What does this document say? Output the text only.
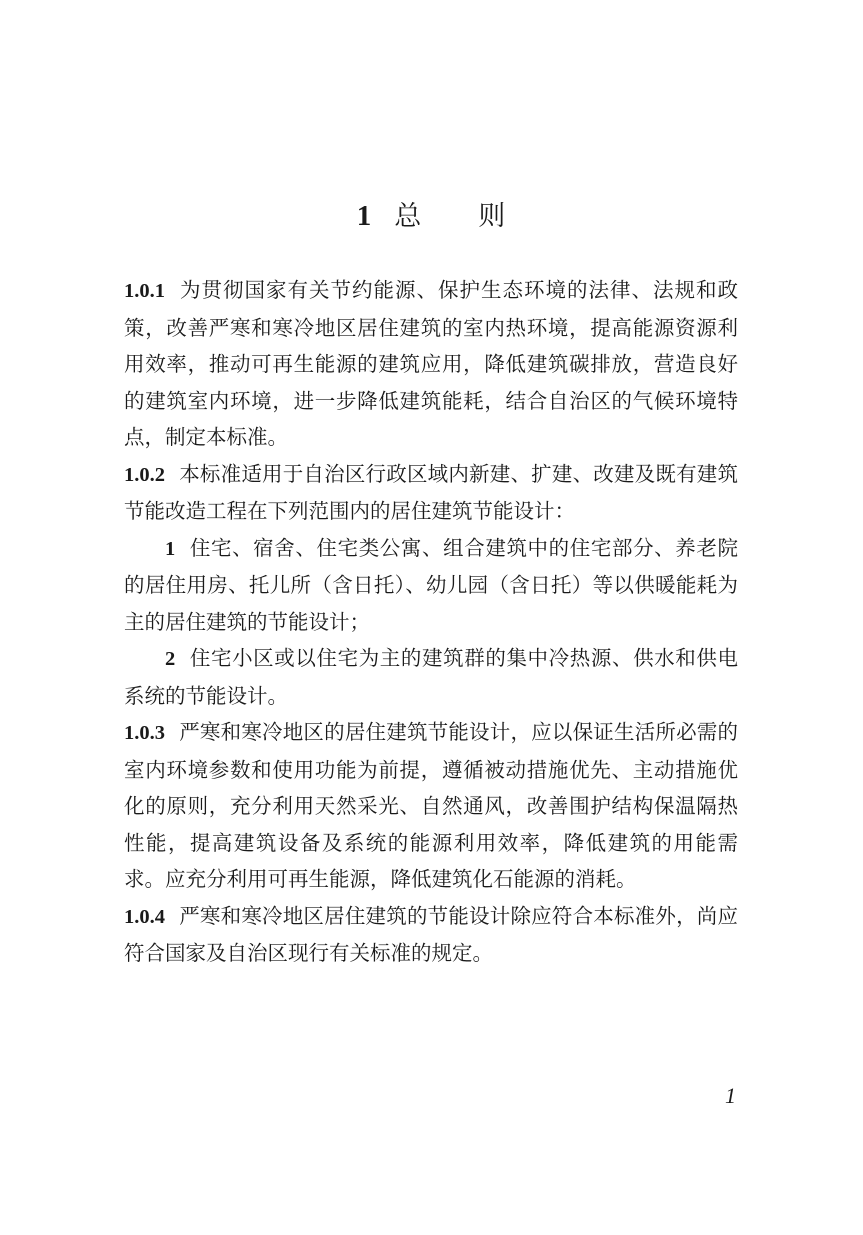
1 总 则

1.0.1 为贯彻国家有关节约能源、保护生态环境的法律、法规和政策，改善严寒和寒冷地区居住建筑的室内热环境，提高能源资源利用效率，推动可再生能源的建筑应用，降低建筑碳排放，营造良好的建筑室内环境，进一步降低建筑能耗，结合自治区的气候环境特点，制定本标准。

1.0.2 本标准适用于自治区行政区域内新建、扩建、改建及既有建筑节能改造工程在下列范围内的居住建筑节能设计：

1 住宅、宿舍、住宅类公寓、组合建筑中的住宅部分、养老院的居住用房、托儿所（含日托）、幼儿园（含日托）等以供暖能耗为主的居住建筑的节能设计；

2 住宅小区或以住宅为主的建筑群的集中冷热源、供水和供电系统的节能设计。

1.0.3 严寒和寒冷地区的居住建筑节能设计，应以保证生活所必需的室内环境参数和使用功能为前提，遵循被动措施优先、主动措施优化的原则，充分利用天然采光、自然通风，改善围护结构保温隔热性能，提高建筑设备及系统的能源利用效率，降低建筑的用能需求。应充分利用可再生能源，降低建筑化石能源的消耗。

1.0.4 严寒和寒冷地区居住建筑的节能设计除应符合本标准外，尚应符合国家及自治区现行有关标准的规定。

1
